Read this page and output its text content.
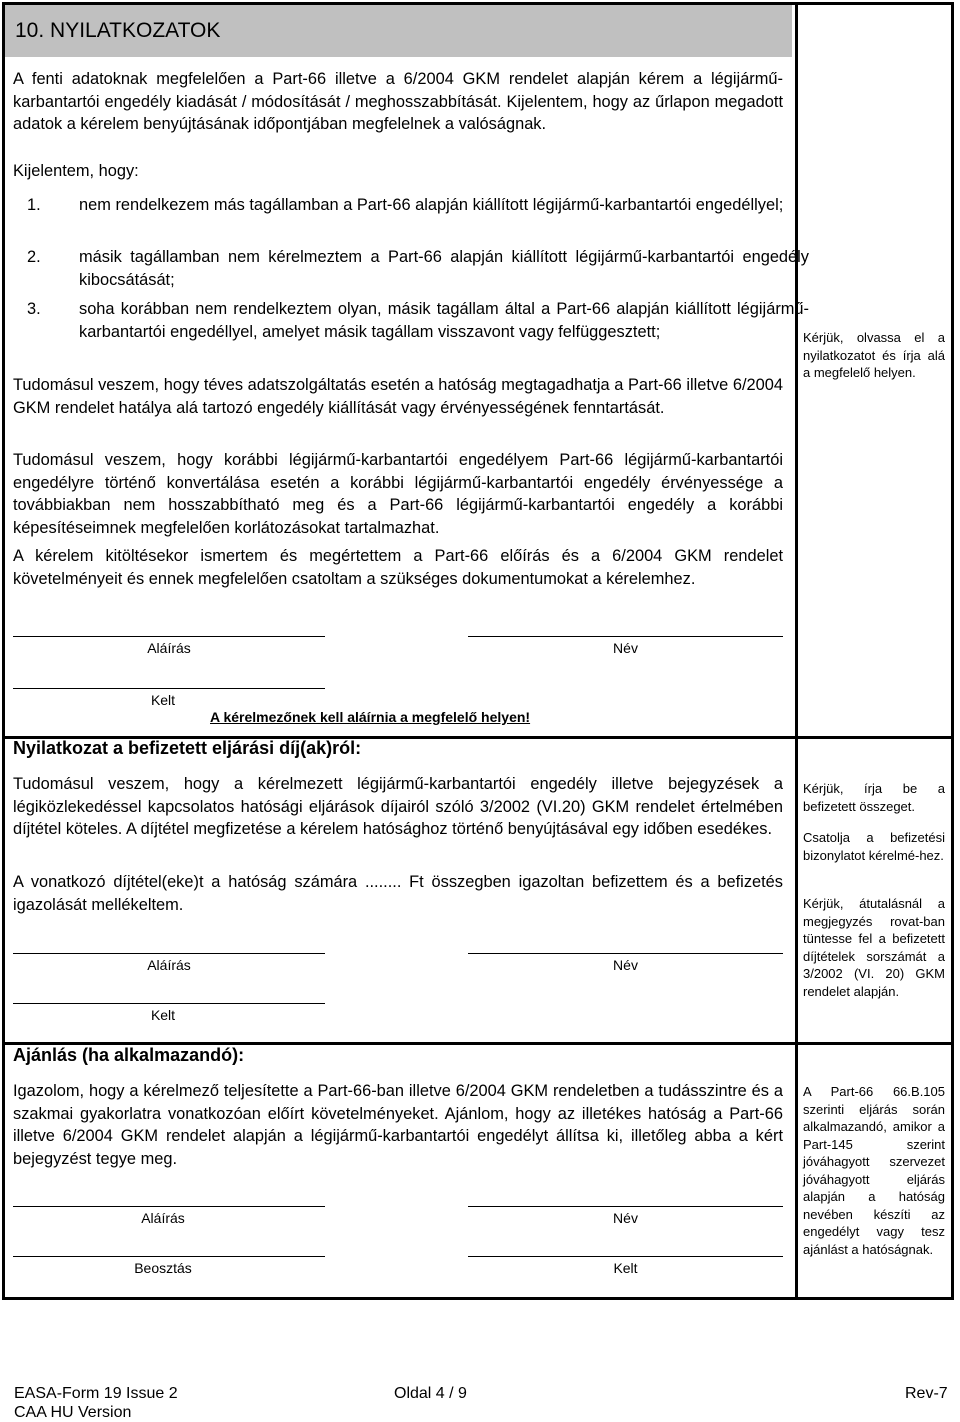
10. NYILATKOZATOK

A fenti adatoknak megfelelően a Part-66 illetve a 6/2004 GKM rendelet alapján kérem a légijármű-karbantartói engedély kiadását / módosítását / meghosszabbítását. Kijelentem, hogy az űrlapon megadott adatok a kérelem benyújtásának időpontjában megfelelnek a valóságnak.

Kijelentem, hogy:

1. nem rendelkezem más tagállamban a Part-66 alapján kiállított légijármű-karbantartói engedéllyel;

2. másik tagállamban nem kérelmeztem a Part-66 alapján kiállított légijármű-karbantartói engedély kibocsátását;

3. soha korábban nem rendelkeztem olyan, másik tagállam által a Part-66 alapján kiállított légijármű-karbantartói engedéllyel, amelyet másik tagállam visszavont vagy felfüggesztett;

Tudomásul veszem, hogy téves adatszolgáltatás esetén a hatóság megtagadhatja a Part-66 illetve 6/2004 GKM rendelet hatálya alá tartozó engedély kiállítását vagy érvényességének fenntartását.

Tudomásul veszem, hogy korábbi légijármű-karbantartói engedélyem Part-66 légijármű-karbantartói engedélyre történő konvertálása esetén a korábbi légijármű-karbantartói engedély érvényessége a továbbiakban nem hosszabbítható meg és a Part-66 légijármű-karbantartói engedély a korábbi képesítéseimnek megfelelően korlátozásokat tartalmazhat.

A kérelem kitöltésekor ismertem és megértettem a Part-66 előírás és a 6/2004 GKM rendelet követelményeit és ennek megfelelően csatoltam a szükséges dokumentumokat a kérelemhez.

Kérjük, olvassa el a nyilatkozatot és írja alá a megfelelő helyen.

Aláírás	Név
Kelt
A kérelmezőnek kell aláírnia a megfelelő helyen!
Nyilatkozat a befizetett eljárási díj(ak)ról:

Tudomásul veszem, hogy a kérelmezett légijármű-karbantartói engedély illetve bejegyzések a légiközlekedéssel kapcsolatos hatósági eljárások díjairól szóló 3/2002 (VI.20) GKM rendelet értelmében díjtétel köteles. A díjtétel megfizetése a kérelem hatósághoz történő benyújtásával egy időben esedékes.

A vonatkozó díjtétel(eke)t a hatóság számára ........ Ft összegben igazoltan befizettem és a befizetés igazolását mellékeltem.

Kérjük, írja be a befizetett összeget.

Csatolja a befizetési bizonylatot kérelmé-hez.

Kérjük, átutalásnál a megjegyzés rovat-ban tüntesse fel a befizetett díjtételek sorszámát a 3/2002 (VI. 20) GKM rendelet alapján.

Aláírás	Név
Kelt
Ajánlás (ha alkalmazandó):

Igazolom, hogy a kérelmező teljesítette a Part-66-ban illetve 6/2004 GKM rendeletben a tudásszintre és a szakmai gyakorlatra vonatkozóan előírt követelményeket. Ajánlom, hogy az illetékes hatóság a Part-66 illetve 6/2004 GKM rendelet alapján a légijármű-karbantartói engedélyt állítsa ki, illetőleg abba a kért bejegyzést tegye meg.

A Part-66 66.B.105 szerinti eljárás során alkalmazandó, amikor a Part-145 szerint jóváhagyott szervezet jóváhagyott eljárás alapján a hatóság nevében készíti az engedélyt vagy tesz ajánlást a hatóságnak.

Aláírás	Név
Beosztás	Kelt
EASA-Form 19 Issue 2
CAA HU Version
Oldal 4 / 9	Rev-7
